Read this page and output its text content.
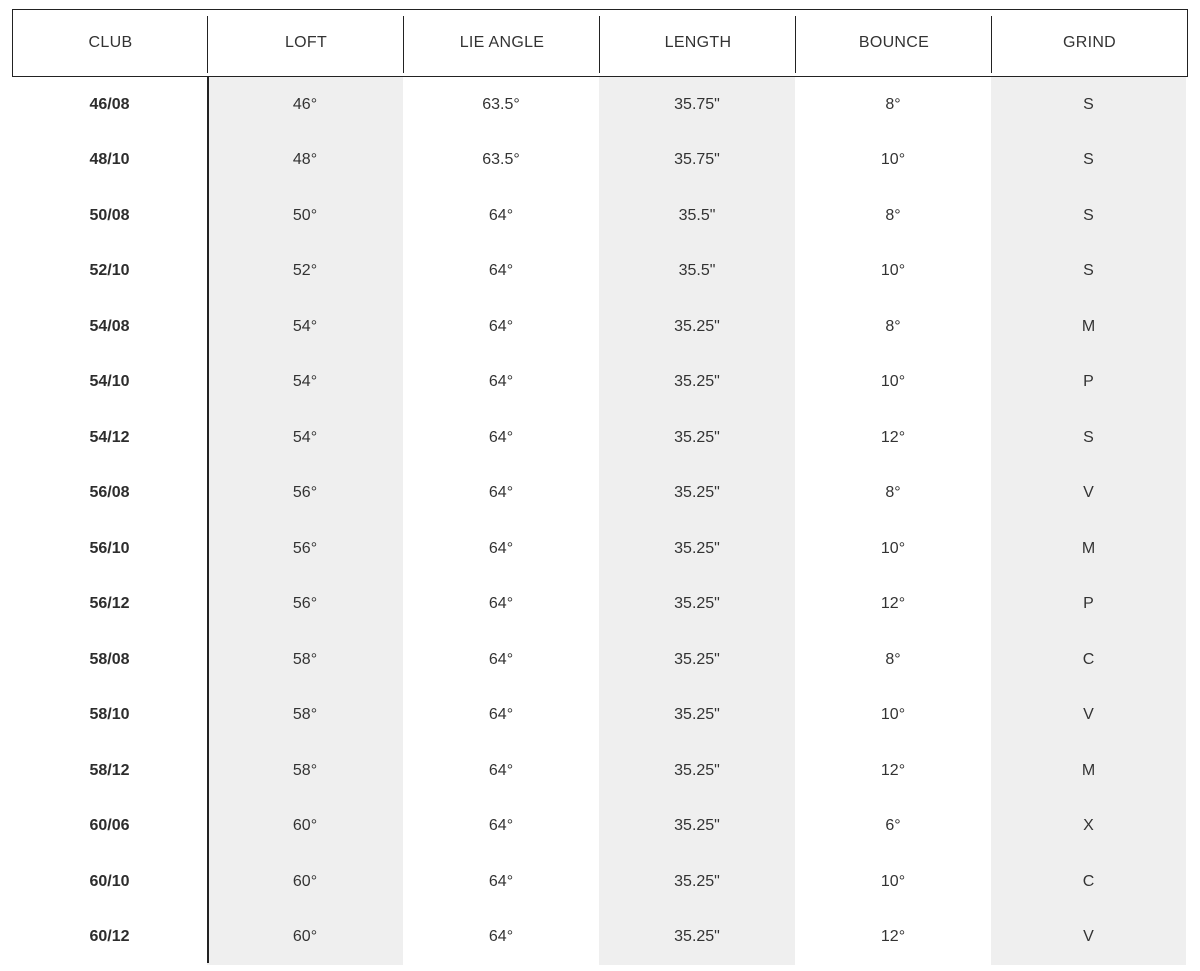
CLUB	LOFT	LIE ANGLE	LENGTH	BOUNCE	GRIND
46/08	46°	63.5°	35.75"	8°	S
48/10	48°	63.5°	35.75"	10°	S
50/08	50°	64°	35.5"	8°	S
52/10	52°	64°	35.5"	10°	S
54/08	54°	64°	35.25"	8°	M
54/10	54°	64°	35.25"	10°	P
54/12	54°	64°	35.25"	12°	S
56/08	56°	64°	35.25"	8°	V
56/10	56°	64°	35.25"	10°	M
56/12	56°	64°	35.25"	12°	P
58/08	58°	64°	35.25"	8°	C
58/10	58°	64°	35.25"	10°	V
58/12	58°	64°	35.25"	12°	M
60/06	60°	64°	35.25"	6°	X
60/10	60°	64°	35.25"	10°	C
60/12	60°	64°	35.25"	12°	V
